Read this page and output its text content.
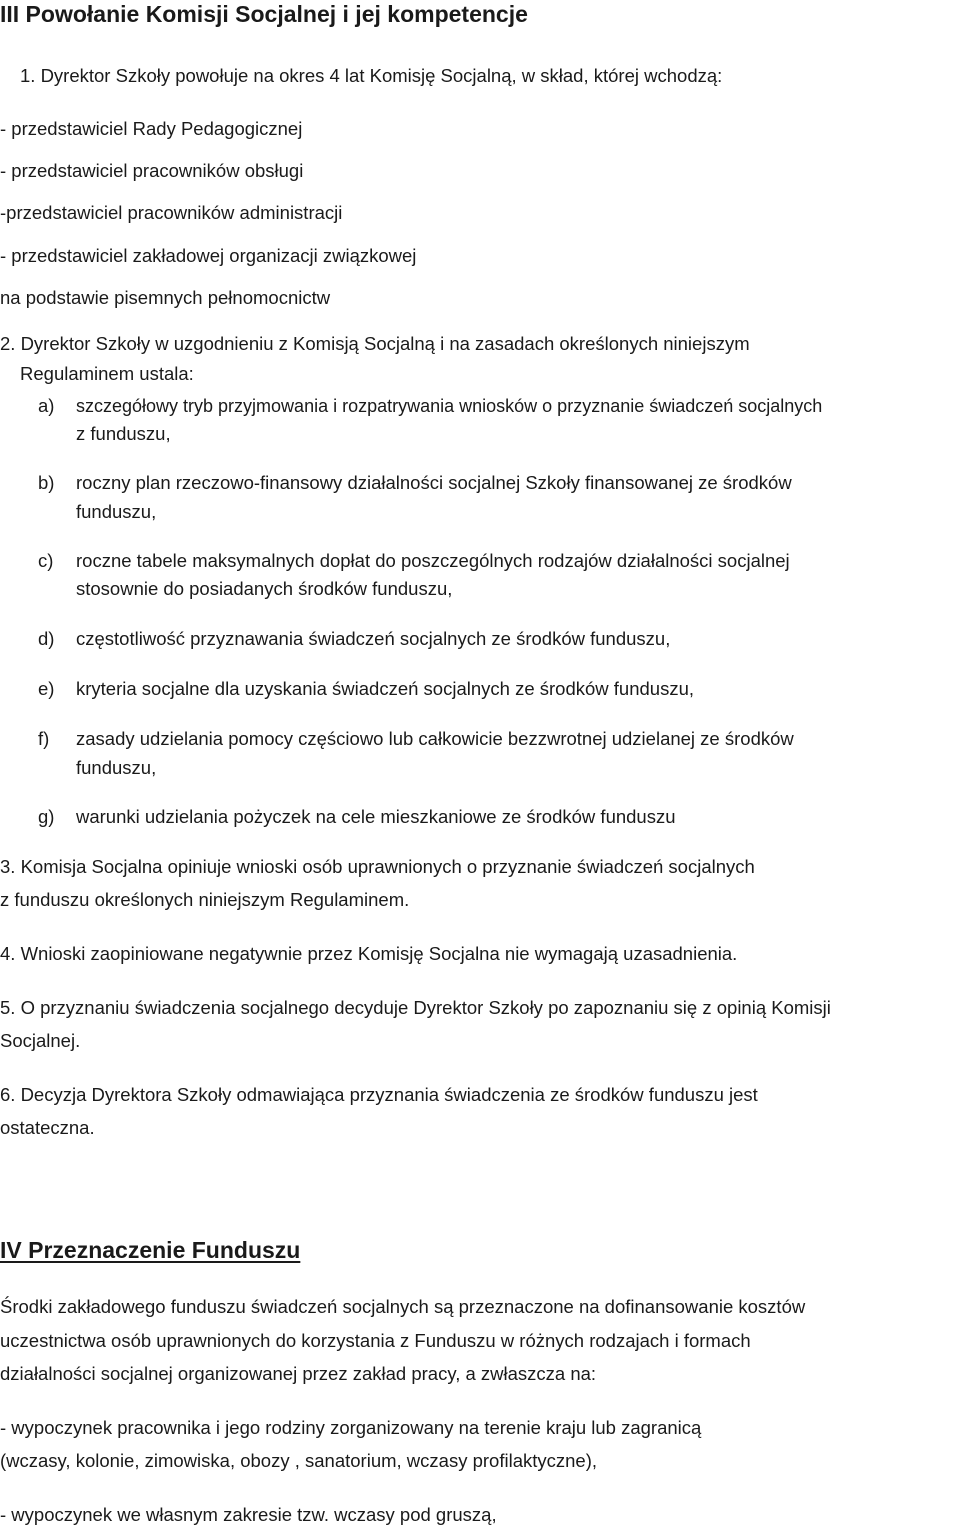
III Powołanie Komisji Socjalnej i jej kompetencje
1. Dyrektor Szkoły powołuje na okres 4 lat Komisję Socjalną, w skład, której wchodzą:
- przedstawiciel Rady Pedagogicznej
- przedstawiciel pracowników obsługi
-przedstawiciel pracowników administracji
- przedstawiciel zakładowej organizacji związkowej
na podstawie pisemnych pełnomocnictw
2. Dyrektor Szkoły w uzgodnieniu z Komisją Socjalną i na zasadach określonych niniejszym
Regulaminem ustala:
a) szczegółowy tryb przyjmowania i rozpatrywania wniosków o przyznanie świadczeń socjalnych
z funduszu,
b) roczny plan rzeczowo-finansowy działalności socjalnej Szkoły finansowanej ze środków
funduszu,
c) roczne tabele maksymalnych dopłat do poszczególnych rodzajów działalności socjalnej
stosownie do posiadanych środków funduszu,
d) częstotliwość przyznawania świadczeń socjalnych ze środków funduszu,
e) kryteria socjalne dla uzyskania świadczeń socjalnych ze środków funduszu,
f) zasady udzielania pomocy częściowo lub całkowicie bezzwrotnej udzielanej ze środków
funduszu,
g) warunki udzielania pożyczek na cele mieszkaniowe ze środków funduszu
3. Komisja Socjalna opiniuje wnioski osób uprawnionych o przyznanie świadczeń socjalnych
z funduszu określonych niniejszym Regulaminem.
4. Wnioski zaopiniowane negatywnie przez Komisję Socjalna nie wymagają uzasadnienia.
5. O przyznaniu świadczenia socjalnego decyduje Dyrektor Szkoły po zapoznaniu się z opinią Komisji
Socjalnej.
6. Decyzja Dyrektora Szkoły odmawiająca przyznania świadczenia ze środków funduszu jest
ostateczna.
IV Przeznaczenie Funduszu
Środki zakładowego funduszu świadczeń socjalnych są przeznaczone na dofinansowanie kosztów
uczestnictwa osób uprawnionych do korzystania z Funduszu w różnych rodzajach i formach
działalności socjalnej organizowanej przez zakład pracy, a zwłaszcza na:
- wypoczynek pracownika i jego rodziny zorganizowany na terenie kraju lub zagranicą
(wczasy, kolonie, zimowiska, obozy , sanatorium, wczasy profilaktyczne),
- wypoczynek we własnym zakresie tzw. wczasy pod gruszą,
